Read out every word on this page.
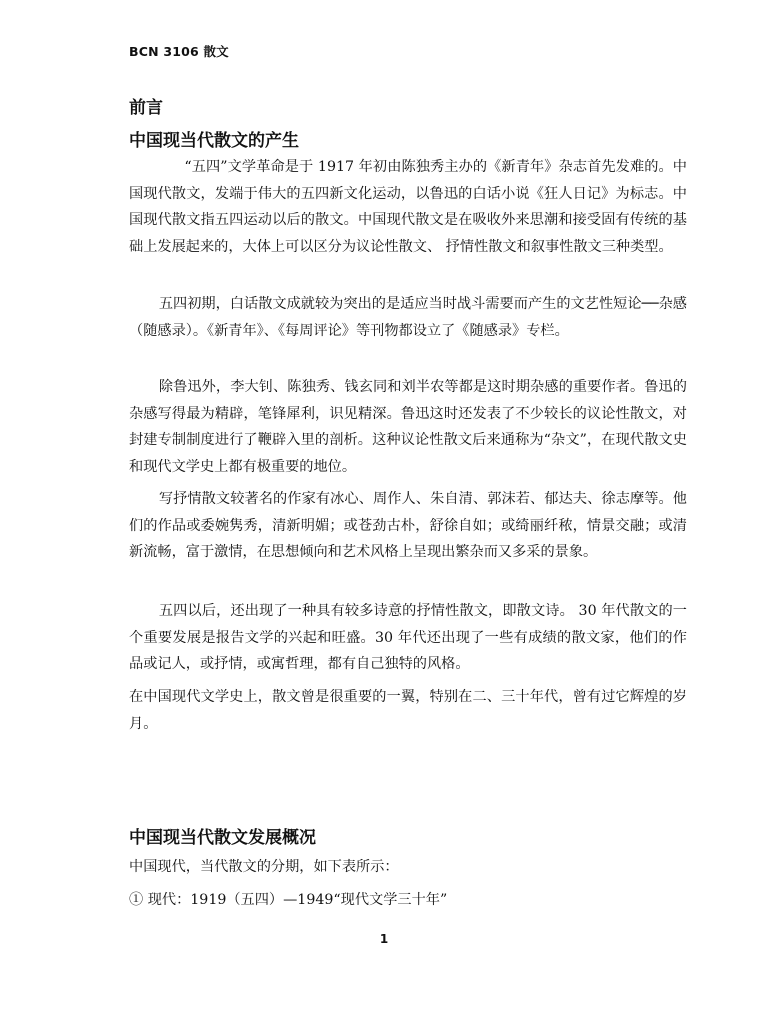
BCN 3106 散文
前言
中国现当代散文的产生

“五四”文学革命是于 1917 年初由陈独秀主办的《新青年》杂志首先发难的。中国现代散文，发端于伟大的五四新文化运动，以鲁迅的白话小说《狂人日记》为标志。中国现代散文指五四运动以后的散文。中国现代散文是在吸收外来思潮和接受固有传统的基础上发展起来的，大体上可以区分为议论性散文、 抒情性散文和叙事性散文三种类型。

五四初期，白话散文成就较为突出的是适应当时战斗需要而产生的文艺性短论──杂感（随感录）。《新青年》、《每周评论》等刊物都设立了《随感录》专栏。

除鲁迅外，李大钊、陈独秀、钱玄同和刘半农等都是这时期杂感的重要作者。鲁迅的杂感写得最为精辟，笔锋犀利，识见精深。鲁迅这时还发表了不少较长的议论性散文，对封建专制制度进行了鞭辟入里的剖析。这种议论性散文后来通称为“杂文”，在现代散文史和现代文学史上都有极重要的地位。

写抒情散文较著名的作家有冰心、周作人、朱自清、郭沫若、郁达夫、徐志摩等。他们的作品或委婉隽秀，清新明媚；或苍劲古朴，舒徐自如；或绮丽纤秾，情景交融；或清新流畅，富于激情，在思想倾向和艺术风格上呈现出繁杂而又多采的景象。

五四以后，还出现了一种具有较多诗意的抒情性散文，即散文诗。 30 年代散文的一个重要发展是报告文学的兴起和旺盛。30 年代还出现了一些有成绩的散文家，他们的作品或记人，或抒情，或寓哲理，都有自己独特的风格。

在中国现代文学史上，散文曾是很重要的一翼，特别在二、三十年代，曾有过它辉煌的岁月。

中国现当代散文发展概况

中国现代，当代散文的分期，如下表所示：

① 现代：1919（五四）—1949“现代文学三十年”

1
